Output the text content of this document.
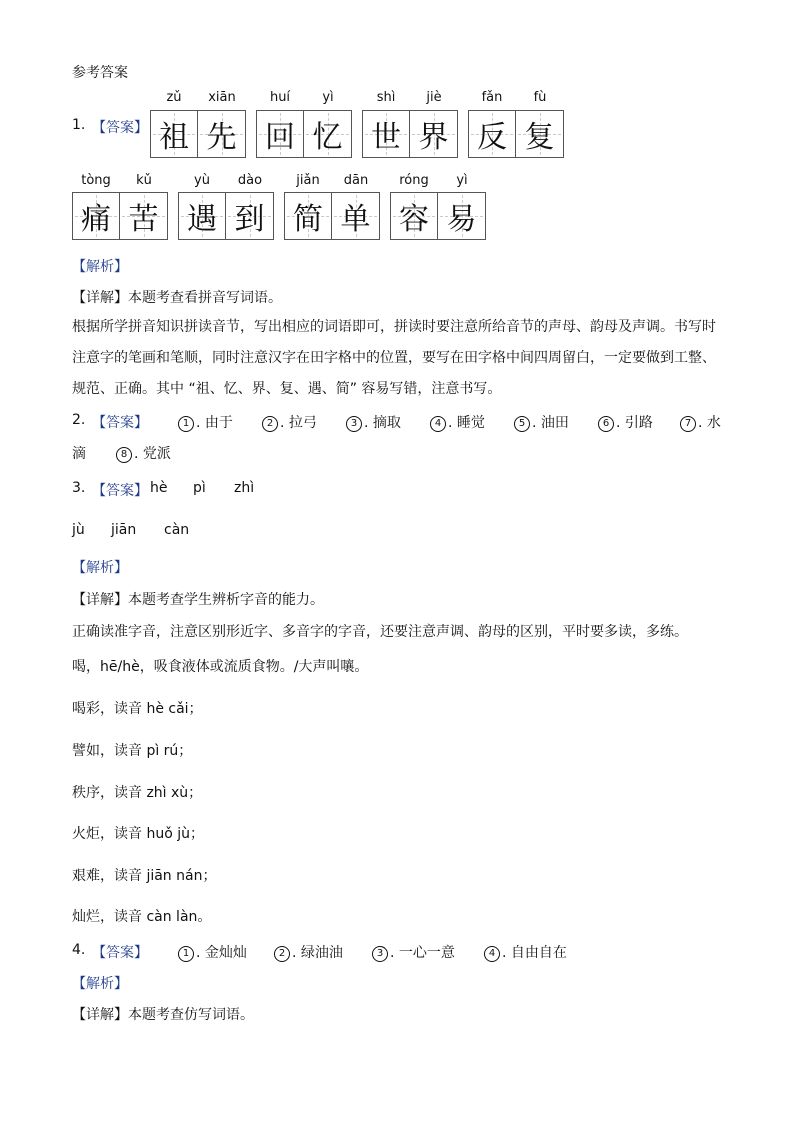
参考答案
1. 【答案】
zǔ	xiān
祖 先
huí	yì
回 忆
shì	jiè
世 界
fǎn	fù
反 复
tòng	kǔ
痛 苦
yù	dào
遇 到
jiǎn	dān
简 单
róng	yì
容 易
【解析】
【详解】本题考查看拼音写词语。
根据所学拼音知识拼读音节，写出相应的词语即可，拼读时要注意所给音节的声母、韵母及声调。书写时
注意字的笔画和笔顺，同时注意汉字在田字格中的位置，要写在田字格中间四周留白，一定要做到工整、
规范、正确。其中 “祖、忆、界、复、遇、简” 容易写错，注意书写。
2. 【答案】	1 . 由于	2 . 拉弓	3 . 摘取	4 . 睡觉	5 . 油田	6 . 引路	7 . 水
滴	8 . 党派
3. 【答案】 hè pì zhì
jù jiān càn
【解析】
【详解】本题考查学生辨析字音的能力。
正确读准字音，注意区别形近字、多音字的字音，还要注意声调、韵母的区别，平时要多读，多练。
喝，hē/hè，吸食液体或流质食物。/大声叫嚷。
喝彩，读音 hè cǎi；
譬如，读音 pì rú；
秩序，读音 zhì xù；
火炬，读音 huǒ jù；
艰难，读音 jiān nán；
灿烂，读音 càn làn。
4. 【答案】	1 . 金灿灿	2 . 绿油油	3 . 一心一意	4 . 自由自在
【解析】
【详解】本题考查仿写词语。
